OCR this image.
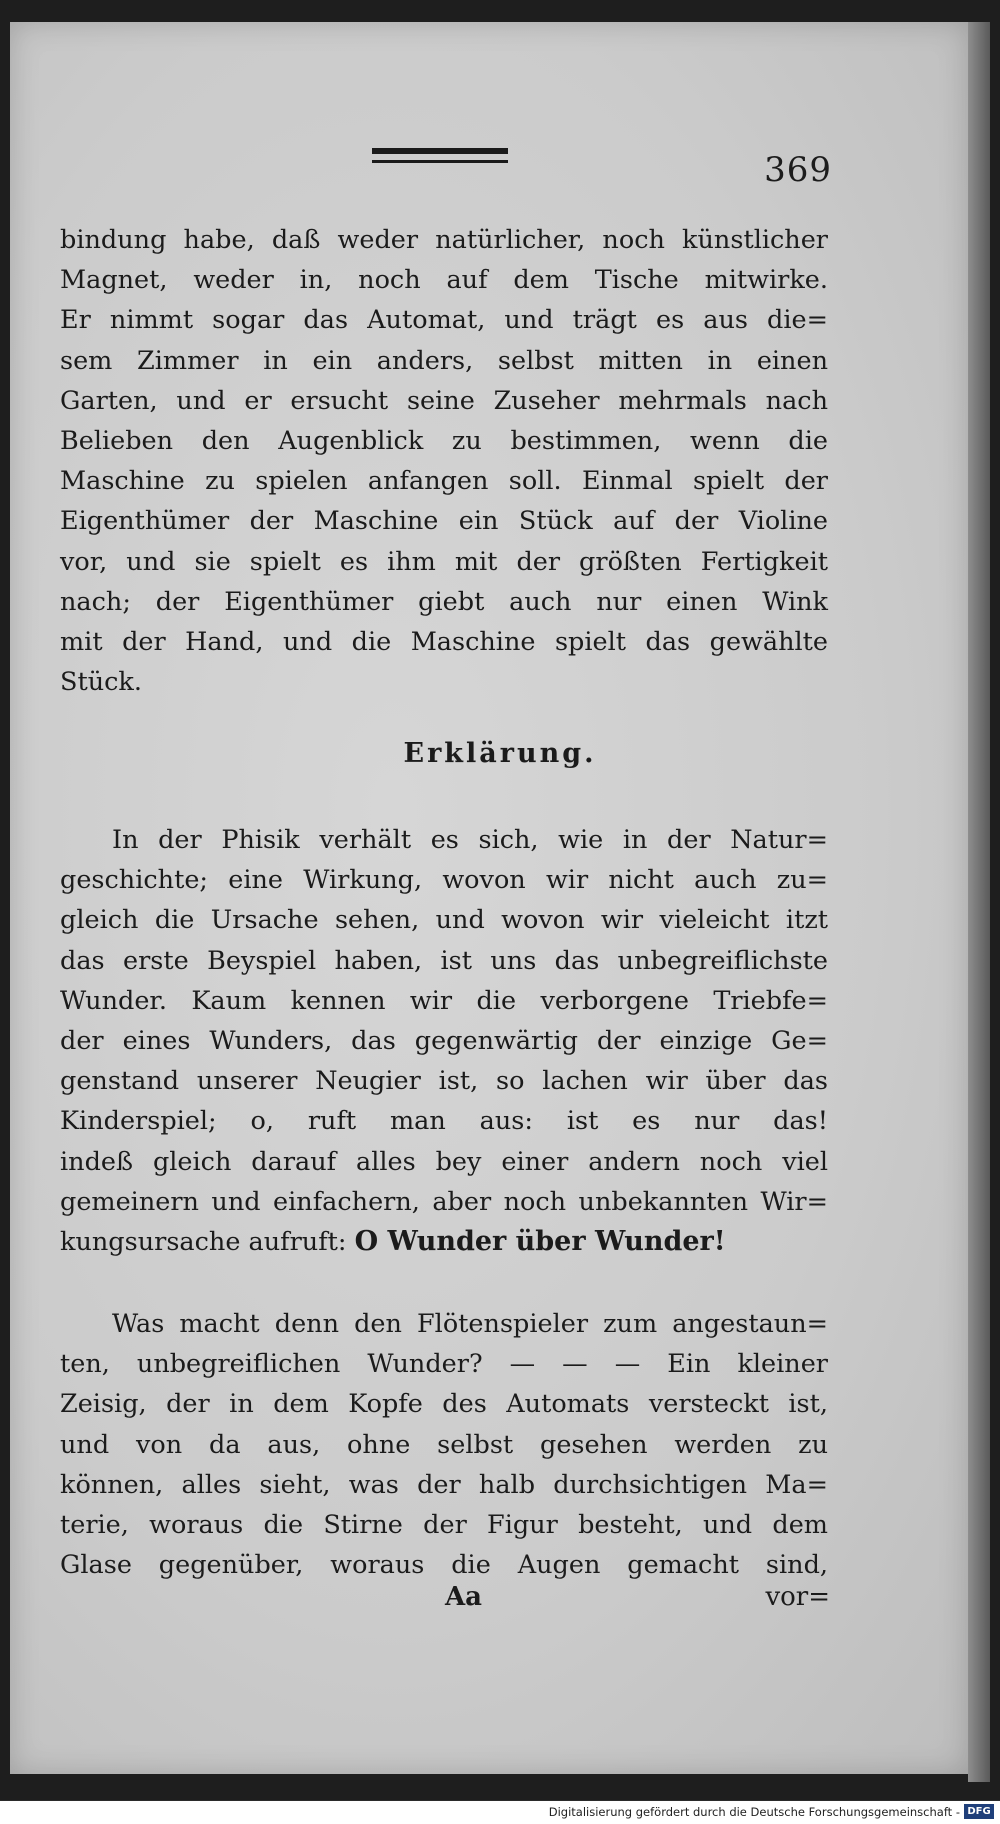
369
bindung habe, daß weder natürlicher, noch künstlicher
Magnet, weder in, noch auf dem Tische mitwirke.
Er nimmt sogar das Automat, und trägt es aus die=
sem Zimmer in ein anders, selbst mitten in einen
Garten, und er ersucht seine Zuseher mehrmals nach
Belieben den Augenblick zu bestimmen, wenn die
Maschine zu spielen anfangen soll. Einmal spielt der
Eigenthümer der Maschine ein Stück auf der Violine
vor, und sie spielt es ihm mit der größten Fertigkeit
nach; der Eigenthümer giebt auch nur einen Wink
mit der Hand, und die Maschine spielt das gewählte
Stück.
Erklärung.
In der Phisik verhält es sich, wie in der Natur=
geschichte; eine Wirkung, wovon wir nicht auch zu=
gleich die Ursache sehen, und wovon wir vieleicht itzt
das erste Beyspiel haben, ist uns das unbegreiflichste
Wunder. Kaum kennen wir die verborgene Triebfe=
der eines Wunders, das gegenwärtig der einzige Ge=
genstand unserer Neugier ist, so lachen wir über das
Kinderspiel; o, ruft man aus: ist es nur das!
indeß gleich darauf alles bey einer andern noch viel
gemeinern und einfachern, aber noch unbekannten Wir=
kungsursache aufruft: O Wunder über Wunder!
Was macht denn den Flötenspieler zum angestaun=
ten, unbegreiflichen Wunder? — — — Ein kleiner
Zeisig, der in dem Kopfe des Automats versteckt ist,
und von da aus, ohne selbst gesehen werden zu
können, alles sieht, was der halb durchsichtigen Ma=
terie, woraus die Stirne der Figur besteht, und dem
Glase gegenüber, woraus die Augen gemacht sind,
Aa	vor=
Digitalisierung gefördert durch die Deutsche Forschungsgemeinschaft - DFG
